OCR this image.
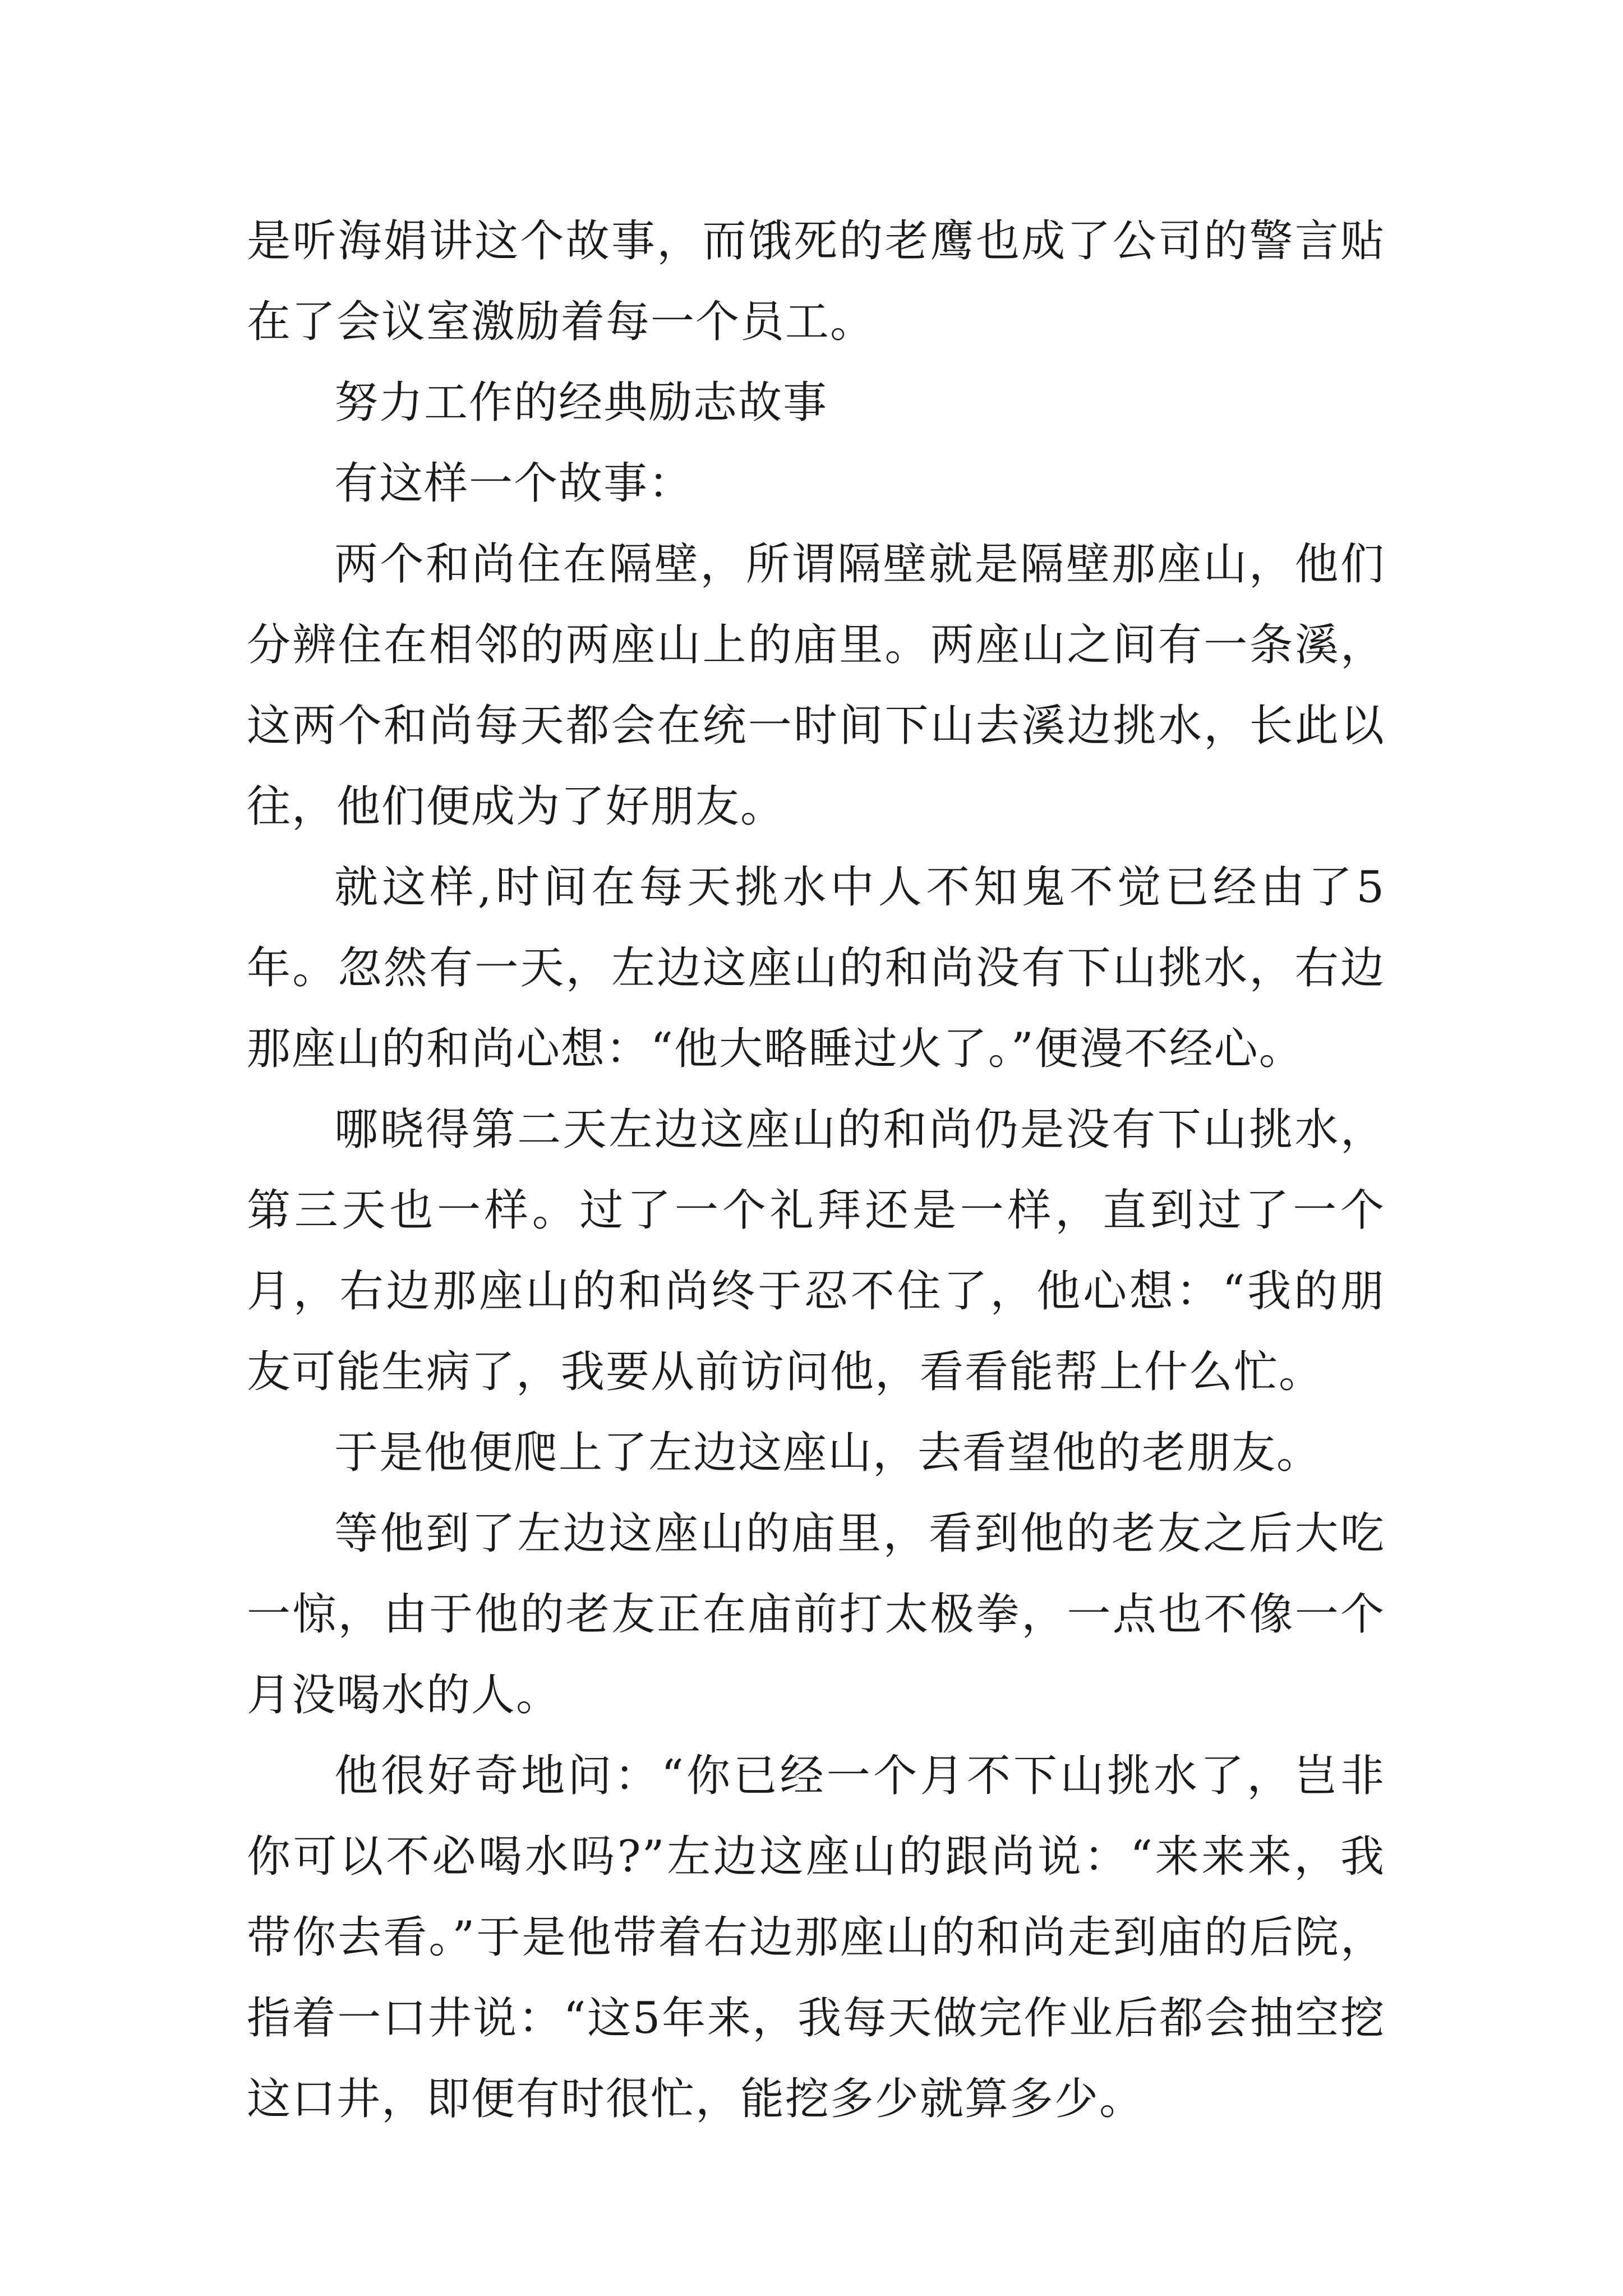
是听海娟讲这个故事，而饿死的老鹰也成了公司的警言贴在了会议室激励着每一个员工。

努力工作的经典励志故事

有这样一个故事：

两个和尚住在隔壁，所谓隔壁就是隔壁那座山，他们分辨住在相邻的两座山上的庙里。两座山之间有一条溪，这两个和尚每天都会在统一时间下山去溪边挑水，长此以往，他们便成为了好朋友。

就这样,时间在每天挑水中人不知鬼不觉已经由了5年。忽然有一天，左边这座山的和尚没有下山挑水，右边那座山的和尚心想：“他大略睡过火了。”便漫不经心。

哪晓得第二天左边这座山的和尚仍是没有下山挑水，第三天也一样。过了一个礼拜还是一样，直到过了一个月，右边那座山的和尚终于忍不住了，他心想：“我的朋友可能生病了，我要从前访问他，看看能帮上什么忙。

于是他便爬上了左边这座山，去看望他的老朋友。

等他到了左边这座山的庙里，看到他的老友之后大吃一惊，由于他的老友正在庙前打太极拳，一点也不像一个月没喝水的人。

他很好奇地问：“你已经一个月不下山挑水了，岂非你可以不必喝水吗?”左边这座山的跟尚说：“来来来，我带你去看。”于是他带着右边那座山的和尚走到庙的后院，指着一口井说：“这5年来，我每天做完作业后都会抽空挖这口井，即便有时很忙，能挖多少就算多少。
